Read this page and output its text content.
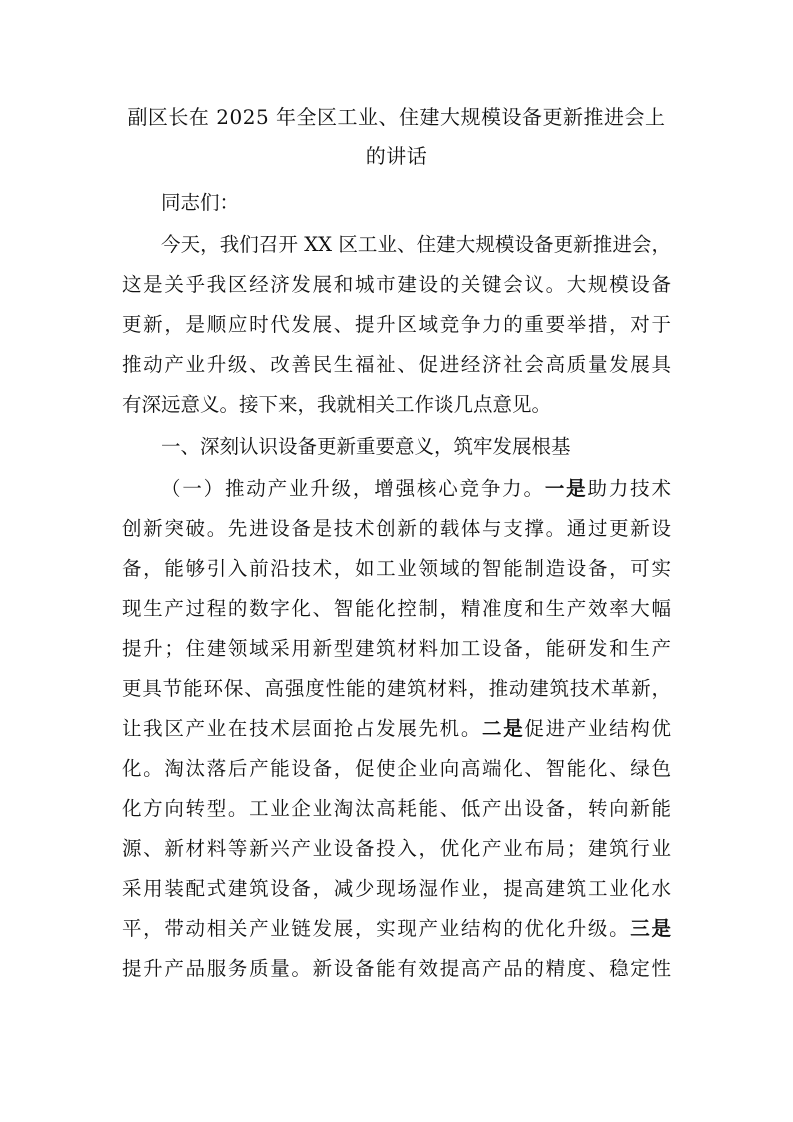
副区长在 2025 年全区工业、住建大规模设备更新推进会上
的讲话
同志们：
今天，我们召开 XX 区工业、住建大规模设备更新推进会，
这是关乎我区经济发展和城市建设的关键会议。大规模设备
更新，是顺应时代发展、提升区域竞争力的重要举措，对于
推动产业升级、改善民生福祉、促进经济社会高质量发展具
有深远意义。接下来，我就相关工作谈几点意见。
一、深刻认识设备更新重要意义，筑牢发展根基
（一）推动产业升级，增强核心竞争力。一是助力技术
创新突破。先进设备是技术创新的载体与支撑。通过更新设
备，能够引入前沿技术，如工业领域的智能制造设备，可实
现生产过程的数字化、智能化控制，精准度和生产效率大幅
提升；住建领域采用新型建筑材料加工设备，能研发和生产
更具节能环保、高强度性能的建筑材料，推动建筑技术革新，
让我区产业在技术层面抢占发展先机。二是促进产业结构优
化。淘汰落后产能设备，促使企业向高端化、智能化、绿色
化方向转型。工业企业淘汰高耗能、低产出设备，转向新能
源、新材料等新兴产业设备投入，优化产业布局；建筑行业
采用装配式建筑设备，减少现场湿作业，提高建筑工业化水
平，带动相关产业链发展，实现产业结构的优化升级。三是
提升产品服务质量。新设备能有效提高产品的精度、稳定性
